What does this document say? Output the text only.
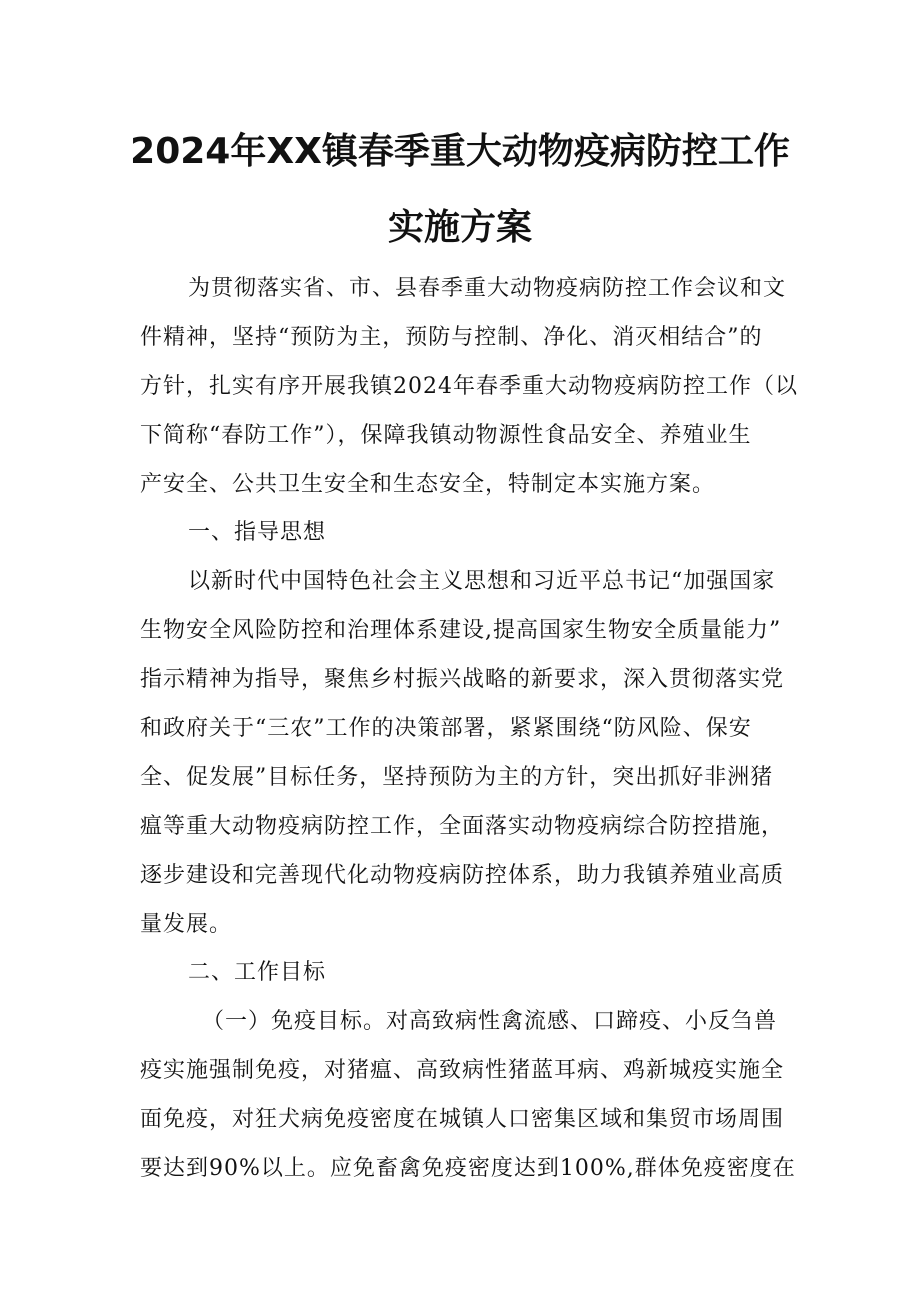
2024年XX镇春季重大动物疫病防控工作
实施方案
为贯彻落实省、市、县春季重大动物疫病防控工作会议和文
件精神，坚持“预防为主，预防与控制、净化、消灭相结合”的
方针，扎实有序开展我镇2024年春季重大动物疫病防控工作（以
下简称“春防工作”），保障我镇动物源性食品安全、养殖业生
产安全、公共卫生安全和生态安全，特制定本实施方案。
一、指导思想
以新时代中国特色社会主义思想和习近平总书记“加强国家
生物安全风险防控和治理体系建设,提高国家生物安全质量能力”
指示精神为指导，聚焦乡村振兴战略的新要求，深入贯彻落实党
和政府关于“三农”工作的决策部署，紧紧围绕“防风险、保安
全、促发展”目标任务，坚持预防为主的方针，突出抓好非洲猪
瘟等重大动物疫病防控工作，全面落实动物疫病综合防控措施，
逐步建设和完善现代化动物疫病防控体系，助力我镇养殖业高质
量发展。
二、工作目标
（一）免疫目标。对高致病性禽流感、口蹄疫、小反刍兽
疫实施强制免疫，对猪瘟、高致病性猪蓝耳病、鸡新城疫实施全
面免疫，对狂犬病免疫密度在城镇人口密集区域和集贸市场周围
要达到90%以上。应免畜禽免疫密度达到100%,群体免疫密度在
